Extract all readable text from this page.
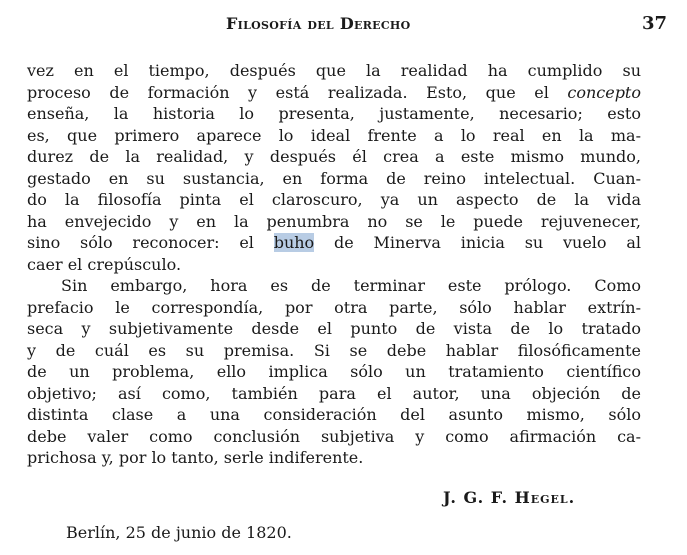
Filosofía del Derecho	37
vez en el tiempo, después que la realidad ha cumplido su
proceso de formación y está realizada. Esto, que el concepto
enseña, la historia lo presenta, justamente, necesario; esto
es, que primero aparece lo ideal frente a lo real en la ma-
durez de la realidad, y después él crea a este mismo mundo,
gestado en su sustancia, en forma de reino intelectual. Cuan-
do la filosofía pinta el claroscuro, ya un aspecto de la vida
ha envejecido y en la penumbra no se le puede rejuvenecer,
sino sólo reconocer: el buho de Minerva inicia su vuelo al
caer el crepúsculo.
Sin embargo, hora es de terminar este prólogo. Como
prefacio le correspondía, por otra parte, sólo hablar extrín-
seca y subjetivamente desde el punto de vista de lo tratado
y de cuál es su premisa. Si se debe hablar filosóficamente
de un problema, ello implica sólo un tratamiento científico
objetivo; así como, también para el autor, una objeción de
distinta clase a una consideración del asunto mismo, sólo
debe valer como conclusión subjetiva y como afirmación ca-
prichosa y, por lo tanto, serle indiferente.
J. G. F. Hegel.
Berlín, 25 de junio de 1820.
